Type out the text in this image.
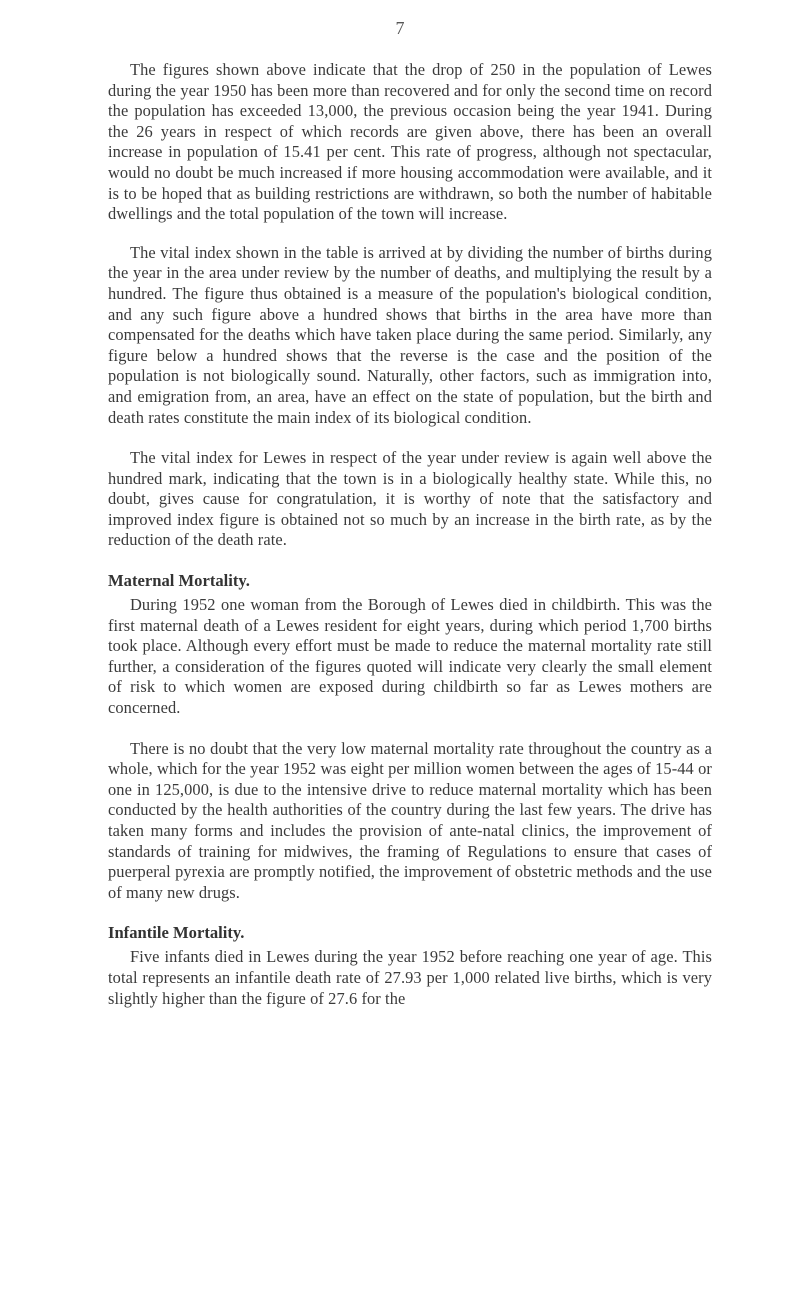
7

The figures shown above indicate that the drop of 250 in the population of Lewes during the year 1950 has been more than recovered and for only the second time on record the population has exceeded 13,000, the previous occasion being the year 1941. During the 26 years in respect of which records are given above, there has been an overall increase in population of 15.41 per cent. This rate of progress, although not spectacular, would no doubt be much increased if more housing accommodation were available, and it is to be hoped that as building restrictions are withdrawn, so both the number of habitable dwellings and the total population of the town will increase.

The vital index shown in the table is arrived at by dividing the number of births during the year in the area under review by the number of deaths, and multiplying the result by a hundred. The figure thus obtained is a measure of the population's biological condition, and any such figure above a hundred shows that births in the area have more than compensated for the deaths which have taken place during the same period. Similarly, any figure below a hundred shows that the reverse is the case and the position of the population is not biologically sound. Naturally, other factors, such as immigration into, and emigration from, an area, have an effect on the state of population, but the birth and death rates constitute the main index of its biological condition.

The vital index for Lewes in respect of the year under review is again well above the hundred mark, indicating that the town is in a biologically healthy state. While this, no doubt, gives cause for congratulation, it is worthy of note that the satisfactory and improved index figure is obtained not so much by an increase in the birth rate, as by the reduction of the death rate.

Maternal Mortality.

During 1952 one woman from the Borough of Lewes died in childbirth. This was the first maternal death of a Lewes resident for eight years, during which period 1,700 births took place. Although every effort must be made to reduce the maternal mortality rate still further, a consideration of the figures quoted will indicate very clearly the small element of risk to which women are exposed during childbirth so far as Lewes mothers are concerned.

There is no doubt that the very low maternal mortality rate throughout the country as a whole, which for the year 1952 was eight per million women between the ages of 15-44 or one in 125,000, is due to the intensive drive to reduce maternal mortality which has been conducted by the health authorities of the country during the last few years. The drive has taken many forms and includes the provision of ante-natal clinics, the improvement of standards of training for midwives, the framing of Regulations to ensure that cases of puerperal pyrexia are promptly notified, the improvement of obstetric methods and the use of many new drugs.

Infantile Mortality.

Five infants died in Lewes during the year 1952 before reaching one year of age. This total represents an infantile death rate of 27.93 per 1,000 related live births, which is very slightly higher than the figure of 27.6 for the
